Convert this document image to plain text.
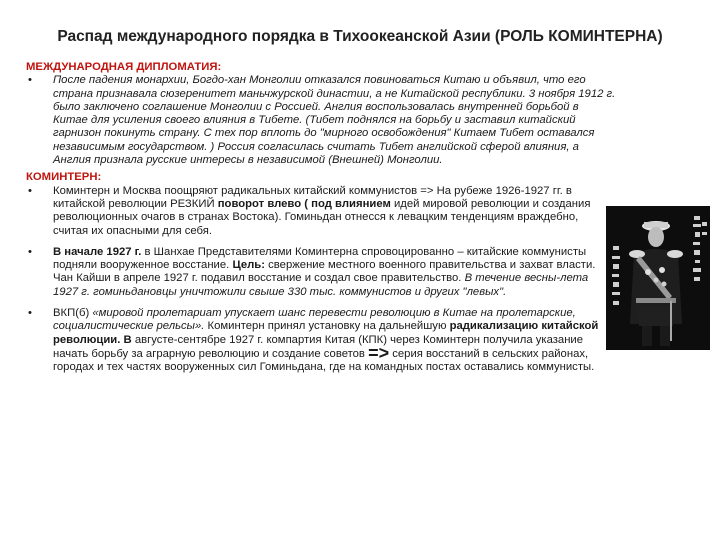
Распад международного порядка в Тихоокеанской Азии (РОЛЬ КОМИНТЕРНА)

МЕЖДУНАРОДНАЯ ДИПЛОМАТИЯ:

• После падения монархии, Богдо-хан Монголии отказался повиноваться Китаю и объявил, что его страна признавала сюзеренитет маньчжурской династии, а не Китайской республики. 3 ноября 1912 г. было заключено соглашение Монголии с Россией. Англия воспользовалась внутренней борьбой в Китае для усиления своего влияния в Тибете. (Тибет поднялся на борьбу и заставил китайский гарнизон покинуть страну. С тех пор вплоть до "мирного освобождения" Китаем Тибет оставался независимым государством. ) Россия согласилась считать Тибет английской сферой влияния, а Англия признала русские интересы в независимой (Внешней) Монголии.

КОМИНТЕРН:

• Коминтерн и Москва поощряют радикальных китайский коммунистов => На рубеже 1926-1927 гг. в китайской революции РЕЗКИЙ поворот влево ( под влиянием идей мировой революции и создания революционных очагов в странах Востока). Гоминьдан отнесся к левацким тенденциям враждебно, считая их опасными для себя.
• В начале 1927 г. в Шанхае Представителями Коминтерна спровоцированно – китайские коммунисты подняли вооруженное восстание. Цель: свержение местного военного правительства и захват власти. Чан Кайши в апреле 1927 г. подавил восстание и создал свое правительство. В течение весны-лета 1927 г. гоминьдановцы уничтожили свыше 330 тыс. коммунистов и других "левых".
• ВКП(б) «мировой пролетариат упускает шанс перевести революцию в Китае на пролетарские, социалистические рельсы». Коминтерн принял установку на дальнейшую радикализацию китайской революции. В августе-сентябре 1927 г. компартия Китая (КПК) через Коминтерн получила указание начать борьбу за аграрную революцию и создание советов => серия восстаний в сельских районах, городах и тех частях вооруженных сил Гоминьдана, где на командных постах оставались коммунисты.
